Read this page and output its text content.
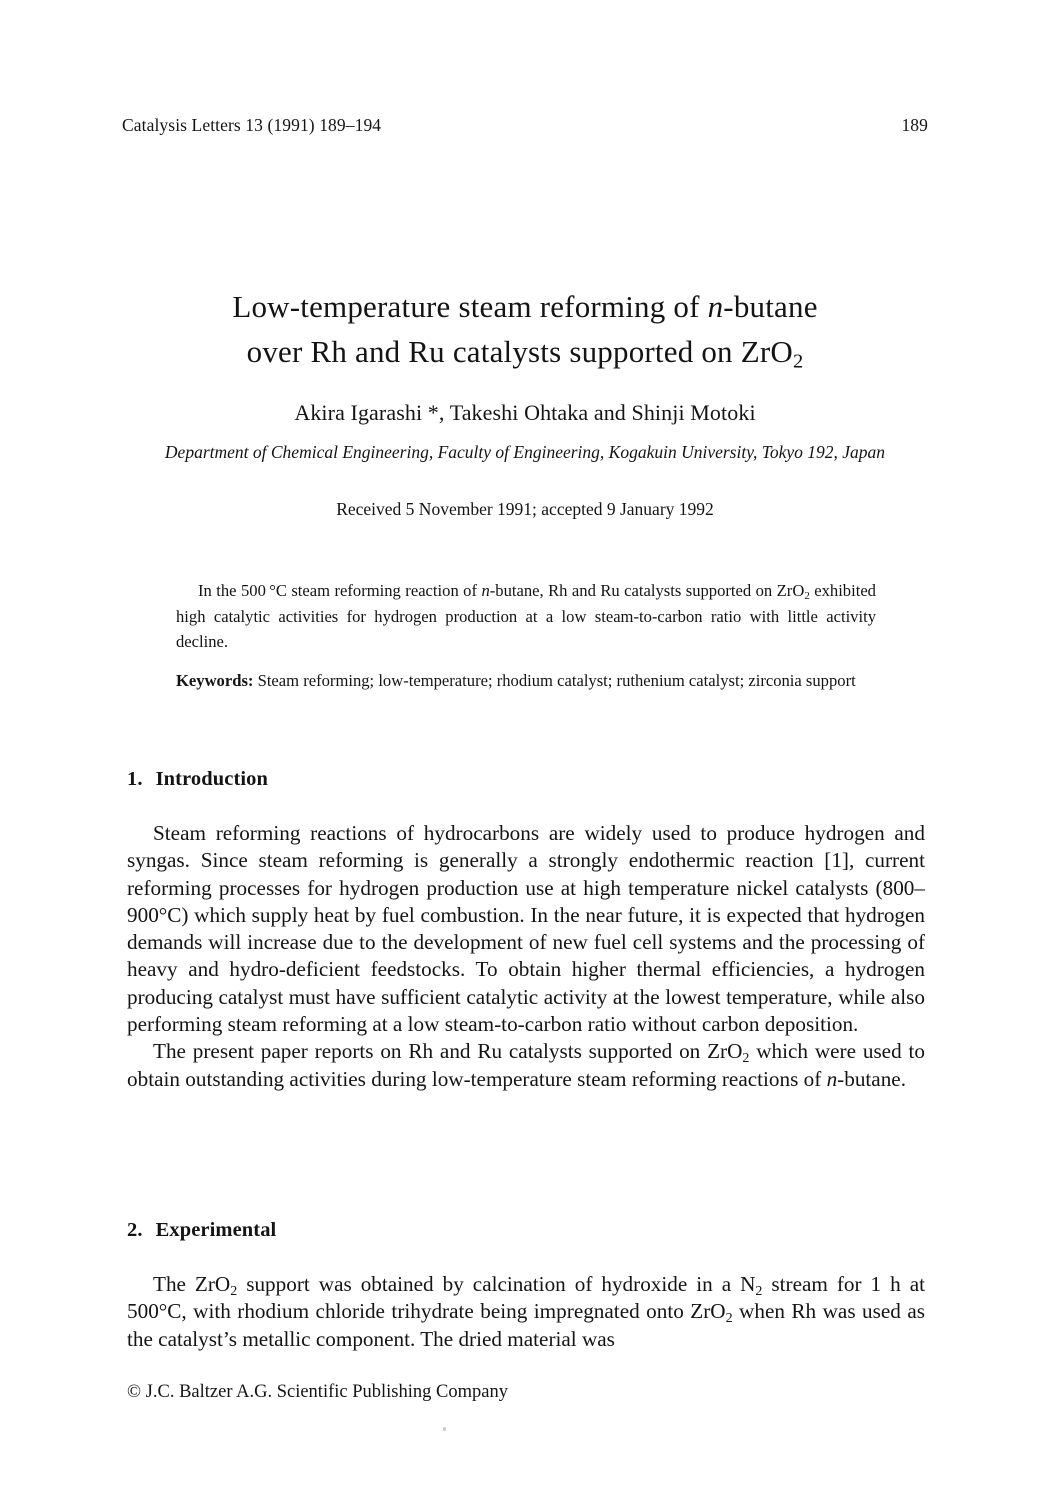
Catalysis Letters 13 (1991) 189–194	189
Low-temperature steam reforming of n-butane
over Rh and Ru catalysts supported on ZrO$_2$
Akira Igarashi *, Takeshi Ohtaka and Shinji Motoki
Department of Chemical Engineering, Faculty of Engineering, Kogakuin University, Tokyo 192, Japan
Received 5 November 1991; accepted 9 January 1992

In the 500 °C steam reforming reaction of n-butane, Rh and Ru catalysts supported on ZrO$_2$ exhibited high catalytic activities for hydrogen production at a low steam-to-carbon ratio with little activity decline.

Keywords: Steam reforming; low-temperature; rhodium catalyst; ruthenium catalyst; zirconia support

1. Introduction

Steam reforming reactions of hydrocarbons are widely used to produce hydrogen and syngas. Since steam reforming is generally a strongly endothermic reaction [1], current reforming processes for hydrogen production use at high temperature nickel catalysts (800–900°C) which supply heat by fuel combustion. In the near future, it is expected that hydrogen demands will increase due to the development of new fuel cell systems and the processing of heavy and hydro-deficient feedstocks. To obtain higher thermal efficiencies, a hydrogen producing catalyst must have sufficient catalytic activity at the lowest temperature, while also performing steam reforming at a low steam-to-carbon ratio without carbon deposition.

The present paper reports on Rh and Ru catalysts supported on ZrO$_2$ which were used to obtain outstanding activities during low-temperature steam reforming reactions of n-butane.

2. Experimental

The ZrO$_2$ support was obtained by calcination of hydroxide in a $N_2$ stream for 1 h at 500°C, with rhodium chloride trihydrate being impregnated onto ZrO$_2$ when Rh was used as the catalyst’s metallic component. The dried material was

© J.C. Baltzer A.G. Scientific Publishing Company
